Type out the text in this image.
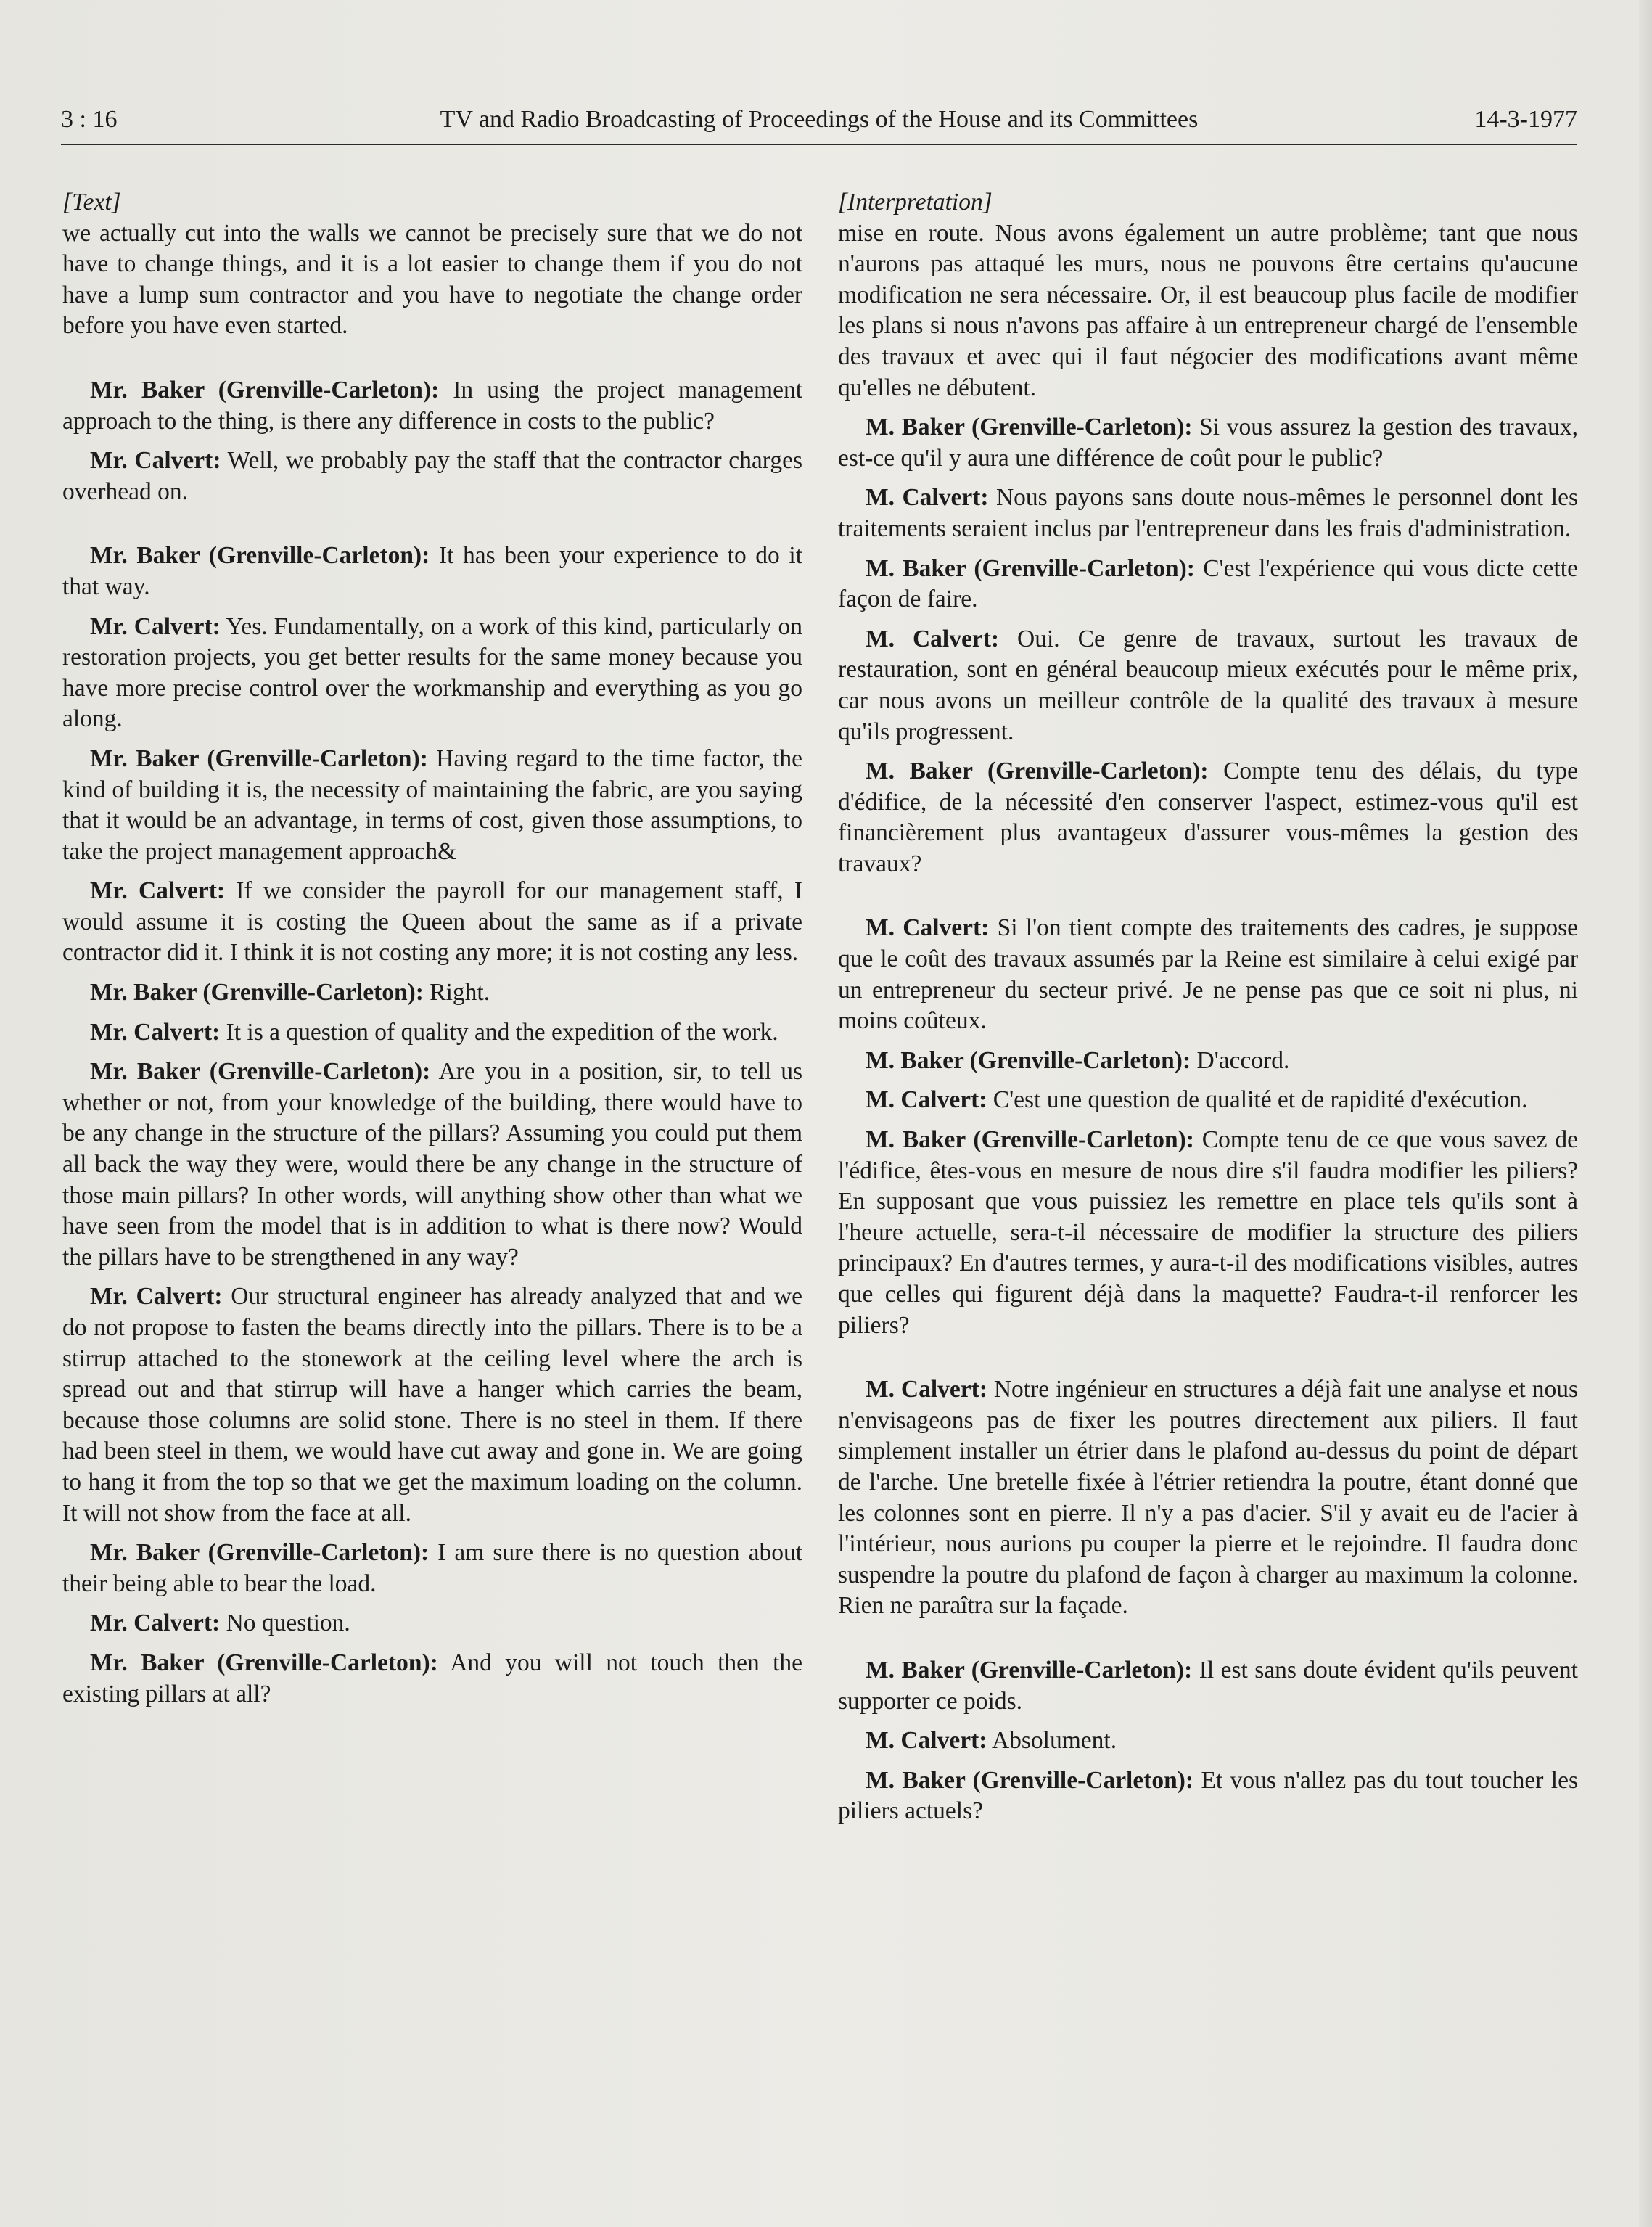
3 : 16	TV and Radio Broadcasting of Proceedings of the House and its Committees	14-3-1977
[Text]

we actually cut into the walls we cannot be precisely sure that we do not have to change things, and it is a lot easier to change them if you do not have a lump sum contractor and you have to negotiate the change order before you have even started.

Mr. Baker (Grenville-Carleton): In using the project management approach to the thing, is there any difference in costs to the public?

Mr. Calvert: Well, we probably pay the staff that the contractor charges overhead on.

Mr. Baker (Grenville-Carleton): It has been your experience to do it that way.

Mr. Calvert: Yes. Fundamentally, on a work of this kind, particularly on restoration projects, you get better results for the same money because you have more precise control over the workmanship and everything as you go along.

Mr. Baker (Grenville-Carleton): Having regard to the time factor, the kind of building it is, the necessity of maintaining the fabric, are you saying that it would be an advantage, in terms of cost, given those assumptions, to take the project management approach&

Mr. Calvert: If we consider the payroll for our management staff, I would assume it is costing the Queen about the same as if a private contractor did it. I think it is not costing any more; it is not costing any less.

Mr. Baker (Grenville-Carleton): Right.

Mr. Calvert: It is a question of quality and the expedition of the work.

Mr. Baker (Grenville-Carleton): Are you in a position, sir, to tell us whether or not, from your knowledge of the building, there would have to be any change in the structure of the pillars? Assuming you could put them all back the way they were, would there be any change in the structure of those main pillars? In other words, will anything show other than what we have seen from the model that is in addition to what is there now? Would the pillars have to be strengthened in any way?

Mr. Calvert: Our structural engineer has already analyzed that and we do not propose to fasten the beams directly into the pillars. There is to be a stirrup attached to the stonework at the ceiling level where the arch is spread out and that stirrup will have a hanger which carries the beam, because those columns are solid stone. There is no steel in them. If there had been steel in them, we would have cut away and gone in. We are going to hang it from the top so that we get the maximum loading on the column. It will not show from the face at all.

Mr. Baker (Grenville-Carleton): I am sure there is no question about their being able to bear the load.

Mr. Calvert: No question.

Mr. Baker (Grenville-Carleton): And you will not touch then the existing pillars at all?

[Interpretation]

mise en route. Nous avons également un autre problème; tant que nous n'aurons pas attaqué les murs, nous ne pouvons être certains qu'aucune modification ne sera nécessaire. Or, il est beaucoup plus facile de modifier les plans si nous n'avons pas affaire à un entrepreneur chargé de l'ensemble des travaux et avec qui il faut négocier des modifications avant même qu'elles ne débutent.

M. Baker (Grenville-Carleton): Si vous assurez la gestion des travaux, est-ce qu'il y aura une différence de coût pour le public?

M. Calvert: Nous payons sans doute nous-mêmes le personnel dont les traitements seraient inclus par l'entrepreneur dans les frais d'administration.

M. Baker (Grenville-Carleton): C'est l'expérience qui vous dicte cette façon de faire.

M. Calvert: Oui. Ce genre de travaux, surtout les travaux de restauration, sont en général beaucoup mieux exécutés pour le même prix, car nous avons un meilleur contrôle de la qualité des travaux à mesure qu'ils progressent.

M. Baker (Grenville-Carleton): Compte tenu des délais, du type d'édifice, de la nécessité d'en conserver l'aspect, estimez-vous qu'il est financièrement plus avantageux d'assurer vous-mêmes la gestion des travaux?

M. Calvert: Si l'on tient compte des traitements des cadres, je suppose que le coût des travaux assumés par la Reine est similaire à celui exigé par un entrepreneur du secteur privé. Je ne pense pas que ce soit ni plus, ni moins coûteux.

M. Baker (Grenville-Carleton): D'accord.

M. Calvert: C'est une question de qualité et de rapidité d'exécution.

M. Baker (Grenville-Carleton): Compte tenu de ce que vous savez de l'édifice, êtes-vous en mesure de nous dire s'il faudra modifier les piliers? En supposant que vous puissiez les remettre en place tels qu'ils sont à l'heure actuelle, sera-t-il nécessaire de modifier la structure des piliers principaux? En d'autres termes, y aura-t-il des modifications visibles, autres que celles qui figurent déjà dans la maquette? Faudra-t-il renforcer les piliers?

M. Calvert: Notre ingénieur en structures a déjà fait une analyse et nous n'envisageons pas de fixer les poutres directement aux piliers. Il faut simplement installer un étrier dans le plafond au-dessus du point de départ de l'arche. Une bretelle fixée à l'étrier retiendra la poutre, étant donné que les colonnes sont en pierre. Il n'y a pas d'acier. S'il y avait eu de l'acier à l'intérieur, nous aurions pu couper la pierre et le rejoindre. Il faudra donc suspendre la poutre du plafond de façon à charger au maximum la colonne. Rien ne paraîtra sur la façade.

M. Baker (Grenville-Carleton): Il est sans doute évident qu'ils peuvent supporter ce poids.

M. Calvert: Absolument.

M. Baker (Grenville-Carleton): Et vous n'allez pas du tout toucher les piliers actuels?
